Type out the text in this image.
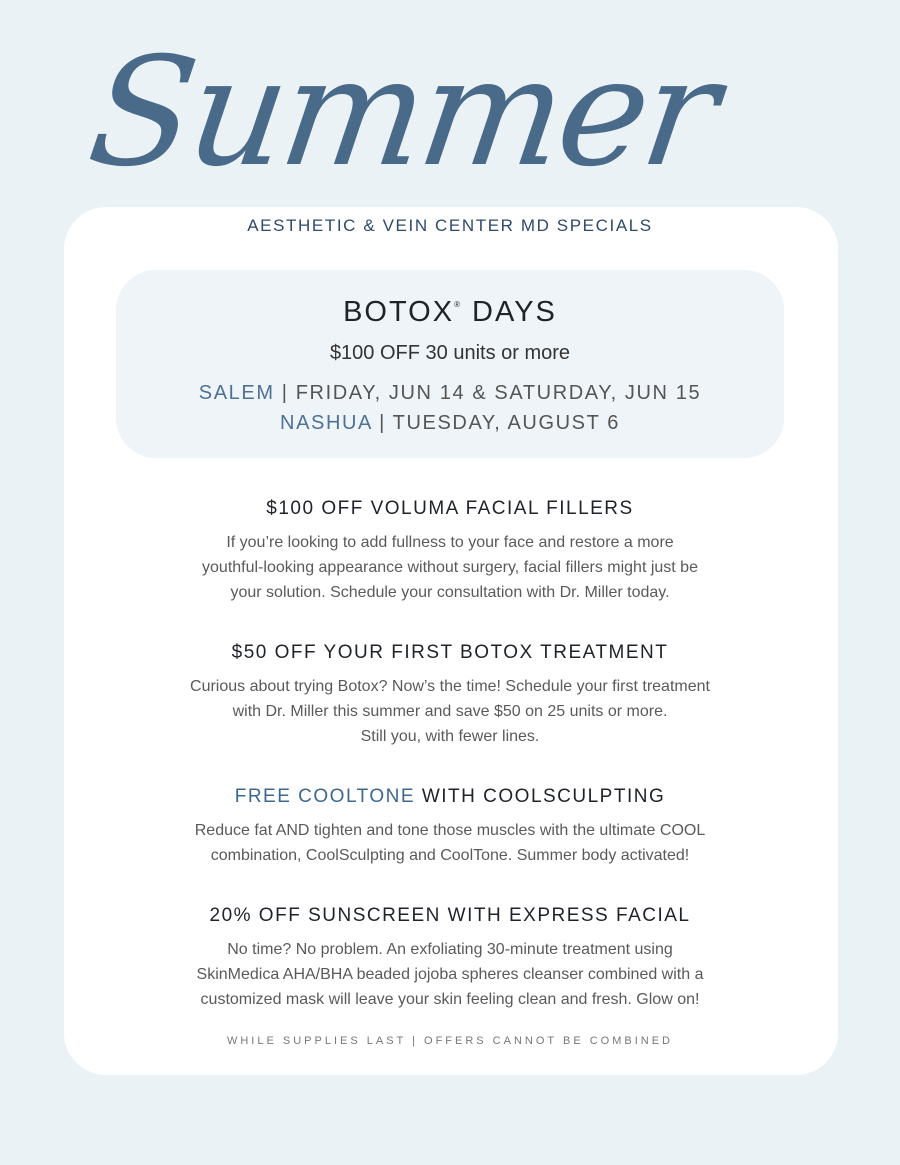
Summer
AESTHETIC & VEIN CENTER MD SPECIALS
BOTOX® DAYS
$100 OFF 30 units or more
SALEM | FRIDAY, JUN 14 & SATURDAY, JUN 15
NASHUA | TUESDAY, AUGUST 6
$100 OFF VOLUMA FACIAL FILLERS

If you’re looking to add fullness to your face and restore a more

youthful-looking appearance without surgery, facial fillers might just be

your solution. Schedule your consultation with Dr. Miller today.

$50 OFF YOUR FIRST BOTOX TREATMENT

Curious about trying Botox? Now’s the time! Schedule your first treatment

with Dr. Miller this summer and save $50 on 25 units or more.

Still you, with fewer lines.

FREE COOLTONE WITH COOLSCULPTING

Reduce fat AND tighten and tone those muscles with the ultimate COOL

combination, CoolSculpting and CoolTone. Summer body activated!

20% OFF SUNSCREEN WITH EXPRESS FACIAL

No time? No problem. An exfoliating 30-minute treatment using

SkinMedica AHA/BHA beaded jojoba spheres cleanser combined with a

customized mask will leave your skin feeling clean and fresh. Glow on!

WHILE SUPPLIES LAST | OFFERS CANNOT BE COMBINED
